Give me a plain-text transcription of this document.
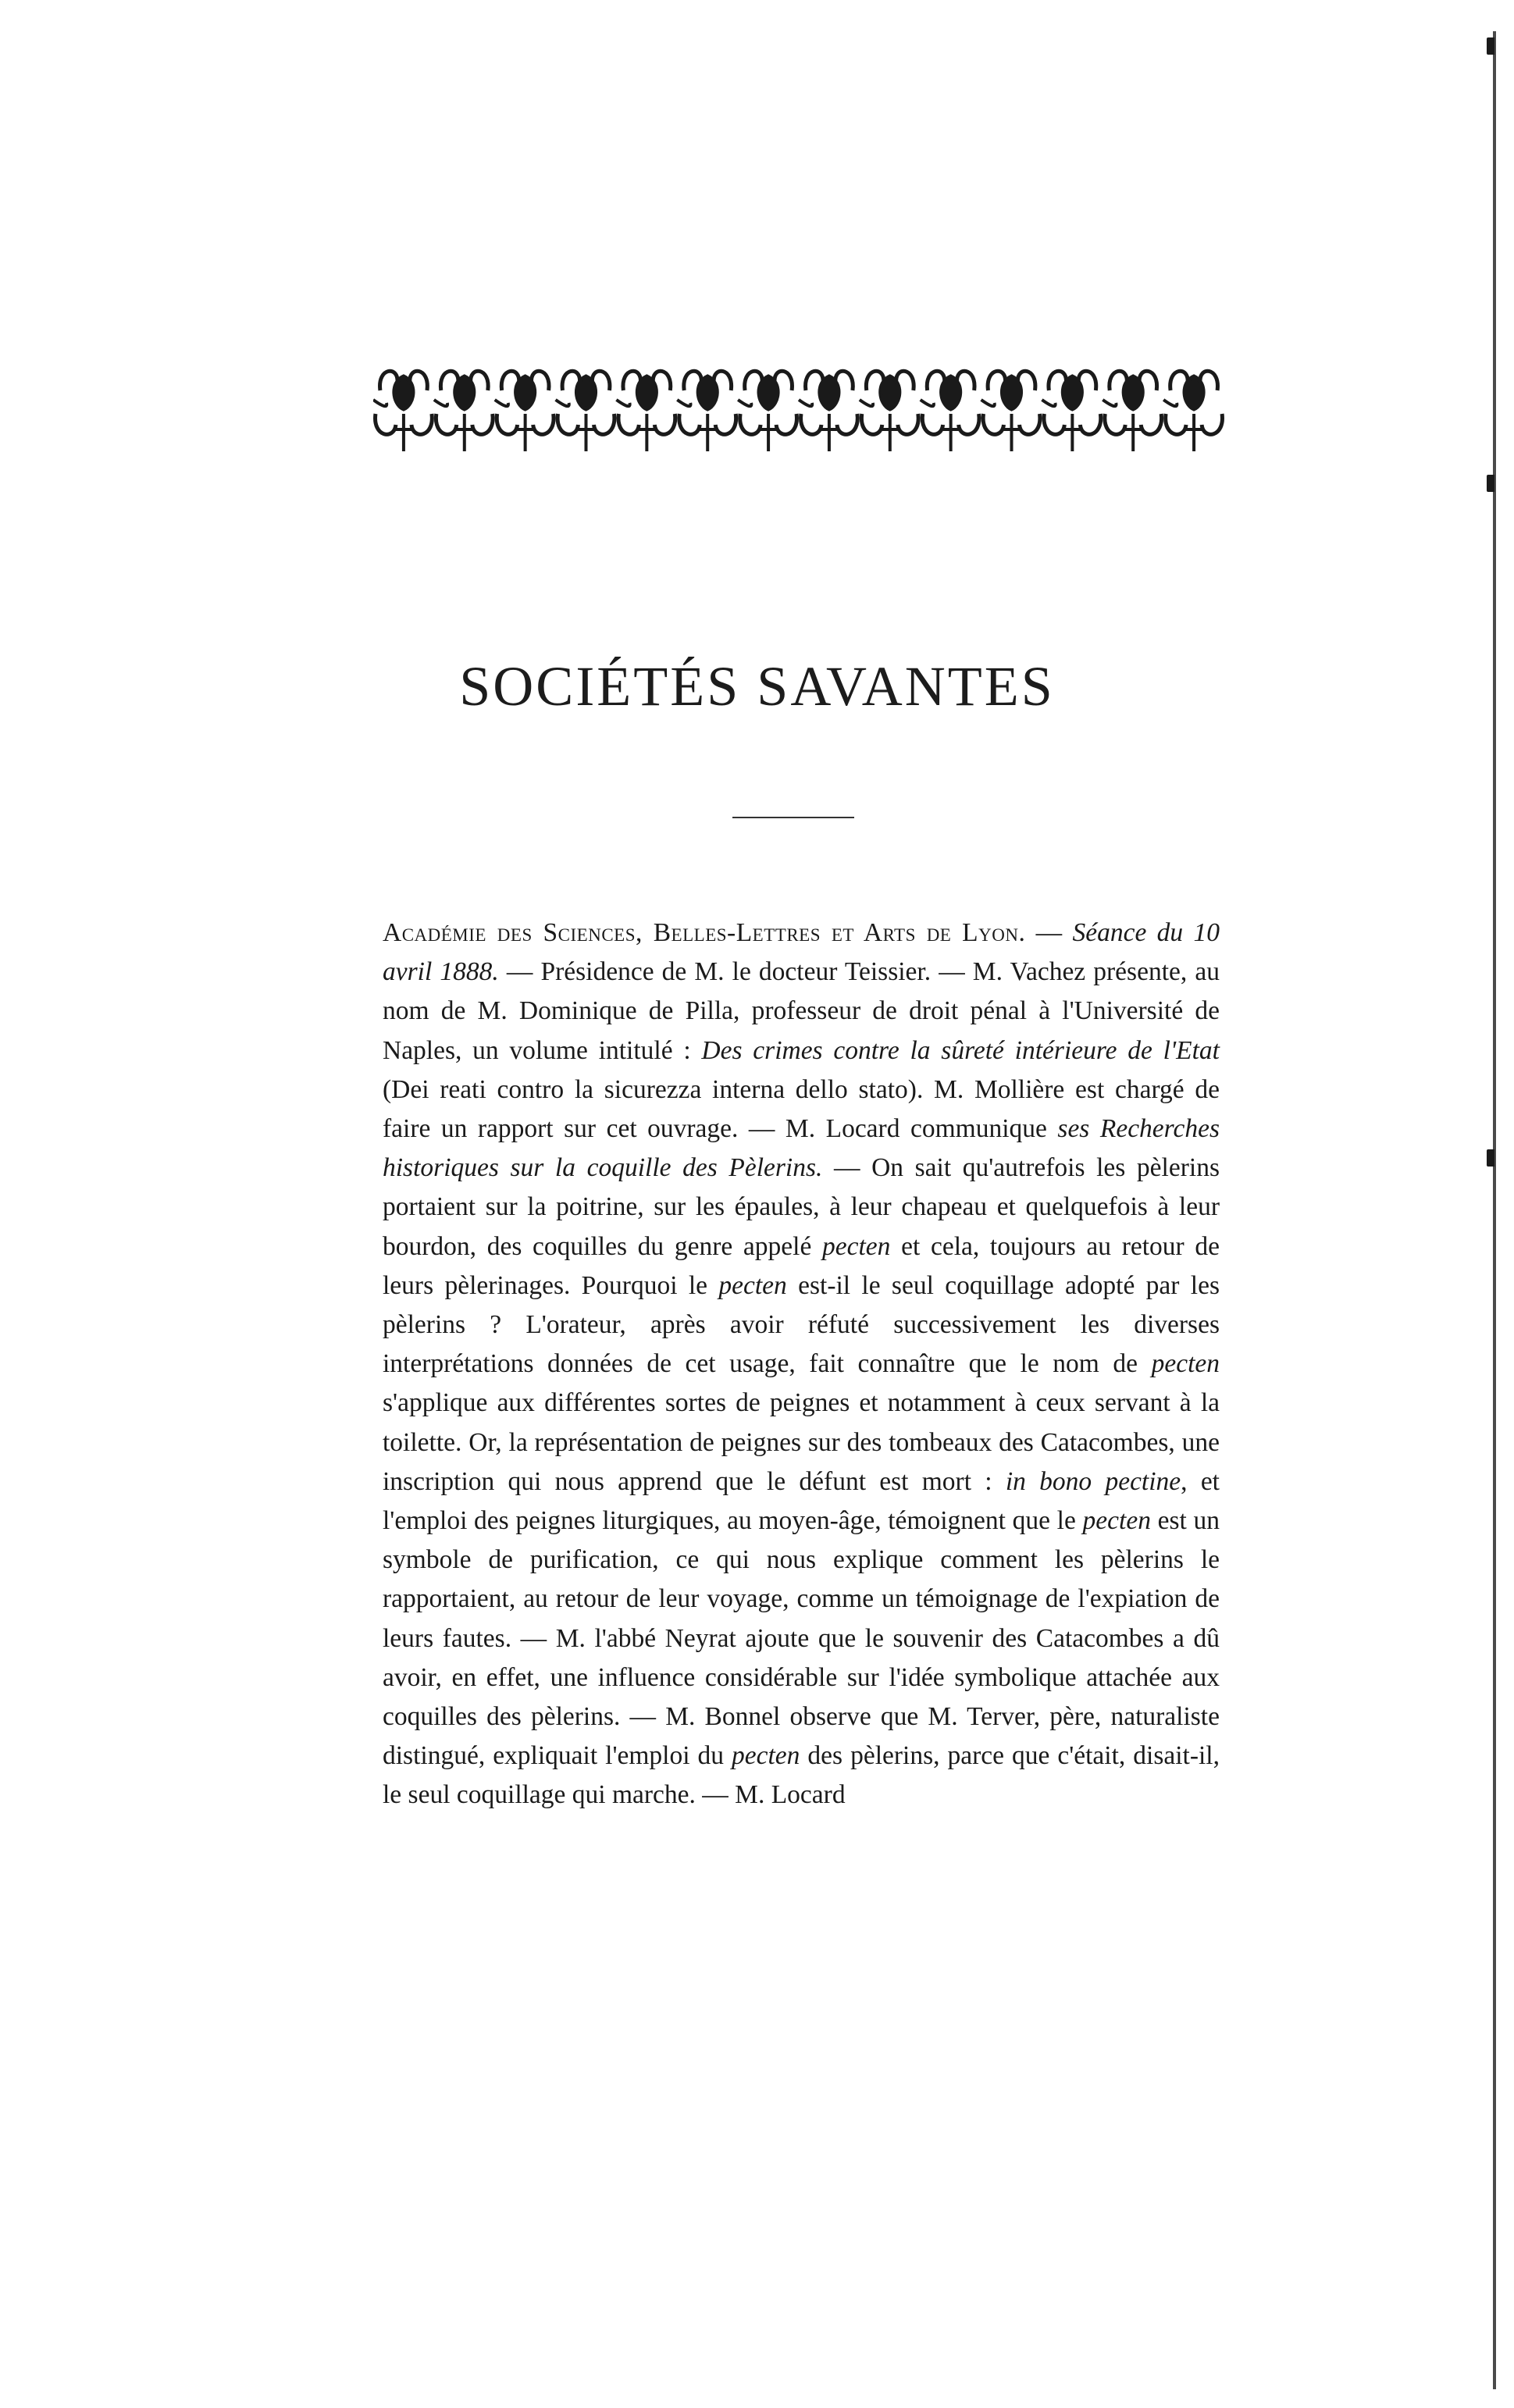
SOCIÉTÉS SAVANTES

Académie des Sciences, Belles-Lettres et Arts de Lyon. — Séance du 10 avril 1888. — Présidence de M. le docteur Teissier. — M. Vachez présente, au nom de M. Dominique de Pilla, professeur de droit pénal à l'Université de Naples, un volume intitulé : Des crimes contre la sûreté intérieure de l'Etat (Dei reati contro la sicurezza interna dello stato). M. Mollière est chargé de faire un rapport sur cet ouvrage. — M. Locard communique ses Recherches historiques sur la coquille des Pèlerins. — On sait qu'autrefois les pèlerins portaient sur la poitrine, sur les épaules, à leur chapeau et quelquefois à leur bourdon, des coquilles du genre appelé pecten et cela, toujours au retour de leurs pèlerinages. Pourquoi le pecten est-il le seul coquillage adopté par les pèlerins ? L'orateur, après avoir réfuté successivement les diverses interprétations données de cet usage, fait connaître que le nom de pecten s'applique aux différentes sortes de peignes et notamment à ceux servant à la toilette. Or, la représentation de peignes sur des tombeaux des Catacombes, une inscription qui nous apprend que le défunt est mort : in bono pectine, et l'emploi des peignes liturgiques, au moyen-âge, témoignent que le pecten est un symbole de purification, ce qui nous explique comment les pèlerins le rapportaient, au retour de leur voyage, comme un témoignage de l'expiation de leurs fautes. — M. l'abbé Neyrat ajoute que le souvenir des Catacombes a dû avoir, en effet, une influence considérable sur l'idée symbolique attachée aux coquilles des pèlerins. — M. Bonnel observe que M. Terver, père, naturaliste distingué, expliquait l'emploi du pecten des pèlerins, parce que c'était, disait-il, le seul coquillage qui marche. — M. Locard
